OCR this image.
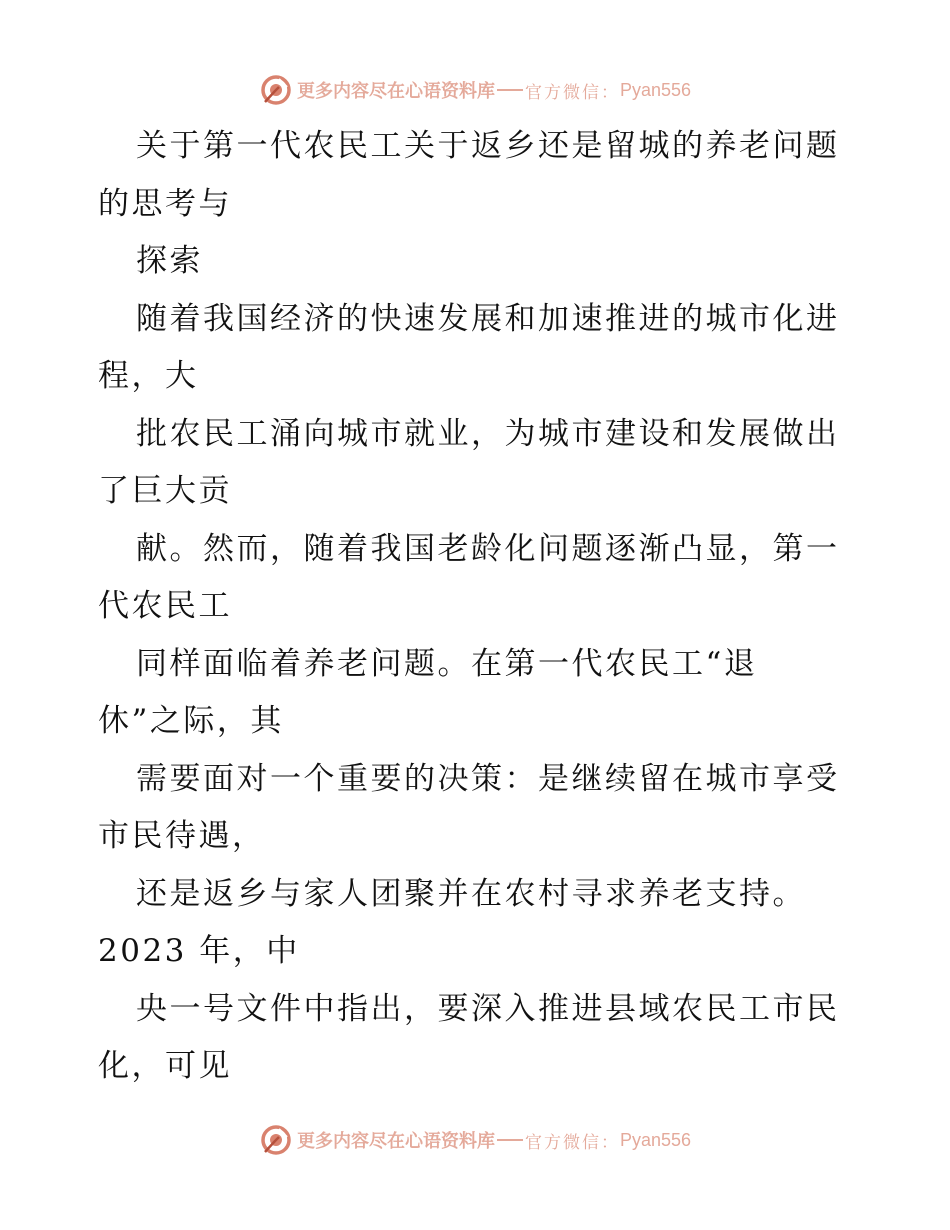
更多内容尽在心语资料库 官方微信： Pyan556
关于第一代农民工关于返乡还是留城的养老问题
的思考与
探索
随着我国经济的快速发展和加速推进的城市化进
程，大
批农民工涌向城市就业，为城市建设和发展做出
了巨大贡
献。然而，随着我国老龄化问题逐渐凸显，第一
代农民工
同样面临着养老问题。在第一代农民工“退
休”之际，其
需要面对一个重要的决策：是继续留在城市享受
市民待遇，
还是返乡与家人团聚并在农村寻求养老支持。
2023 年，中
央一号文件中指出，要深入推进县域农民工市民
化，可见
更多内容尽在心语资料库 官方微信： Pyan556
